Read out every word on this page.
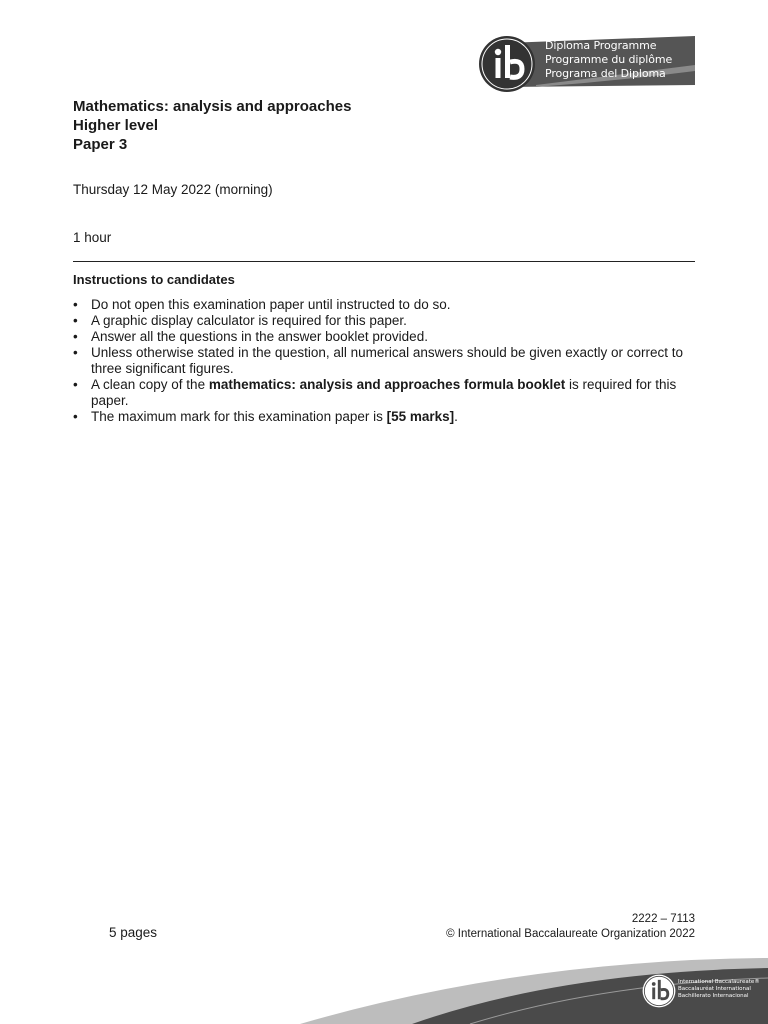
Diploma Programme
Programme du diplôme
Programa del Diploma
Mathematics: analysis and approaches
Higher level
Paper 3
Thursday 12 May 2022 (morning)
1 hour
Instructions to candidates
• Do not open this examination paper until instructed to do so.
• A graphic display calculator is required for this paper.
• Answer all the questions in the answer booklet provided.
• Unless otherwise stated in the question, all numerical answers should be given exactly or correct to three significant figures.
• A clean copy of the mathematics: analysis and approaches formula booklet is required for this paper.
• The maximum mark for this examination paper is [55 marks].
5 pages
2222 – 7113
© International Baccalaureate Organization 2022
International Baccalaureate®
Baccalauréat International
Bachillerato Internacional
